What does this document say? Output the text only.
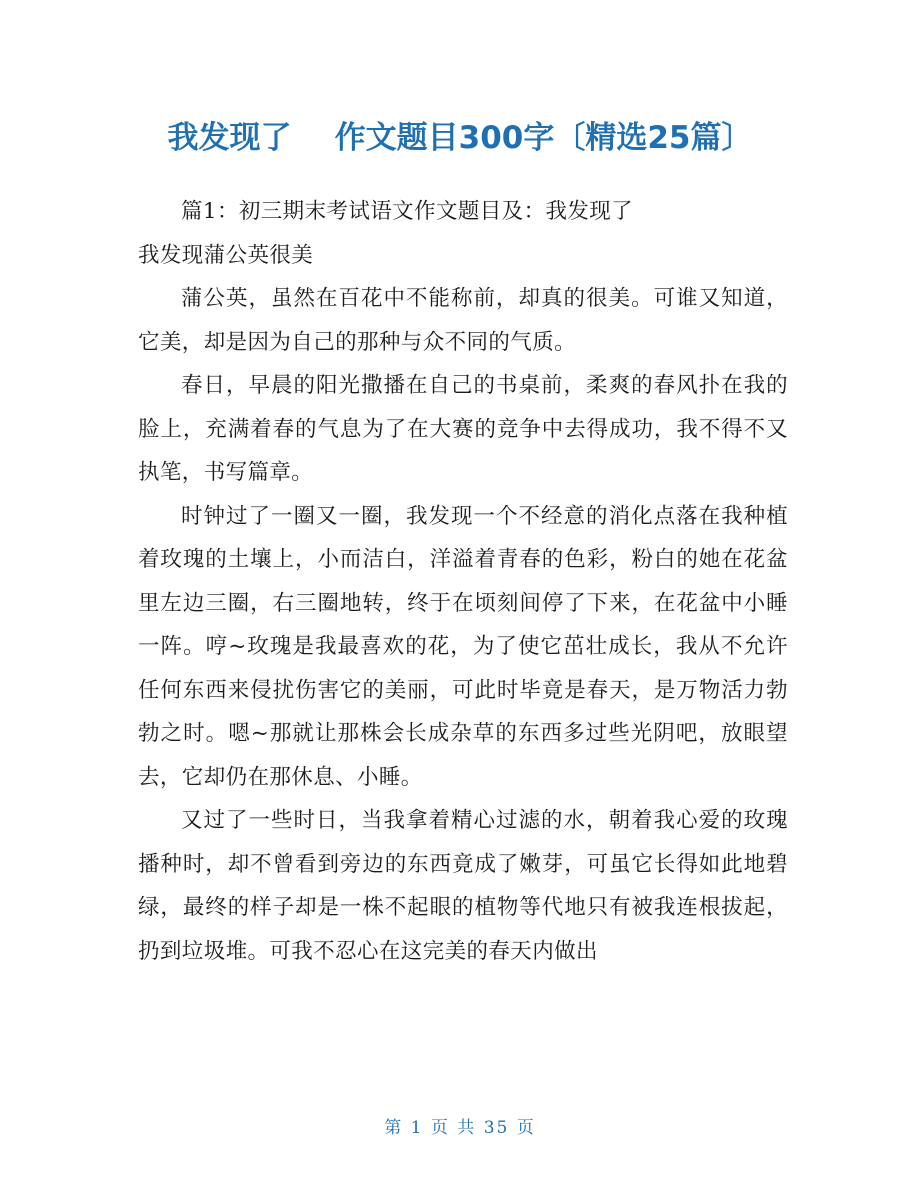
我发现了    作文题目300字〔精选25篇〕

篇1：初三期末考试语文作文题目及：我发现了

我发现蒲公英很美

蒲公英，虽然在百花中不能称前，却真的很美。可谁又知道，它美，却是因为自己的那种与众不同的气质。

春日，早晨的阳光撒播在自己的书桌前，柔爽的春风扑在我的脸上，充满着春的气息为了在大赛的竞争中去得成功，我不得不又执笔，书写篇章。

时钟过了一圈又一圈，我发现一个不经意的消化点落在我种植着玫瑰的土壤上，小而洁白，洋溢着青春的色彩，粉白的她在花盆里左边三圈，右三圈地转，终于在顷刻间停了下来，在花盆中小睡一阵。哼~玫瑰是我最喜欢的花，为了使它茁壮成长，我从不允许任何东西来侵扰伤害它的美丽，可此时毕竟是春天，是万物活力勃勃之时。嗯~那就让那株会长成杂草的东西多过些光阴吧，放眼望去，它却仍在那休息、小睡。

又过了一些时日，当我拿着精心过滤的水，朝着我心爱的玫瑰播种时，却不曾看到旁边的东西竟成了嫩芽，可虽它长得如此地碧绿，最终的样子却是一株不起眼的植物等代地只有被我连根拔起，扔到垃圾堆。可我不忍心在这完美的春天内做出

第 1 页 共 35 页
